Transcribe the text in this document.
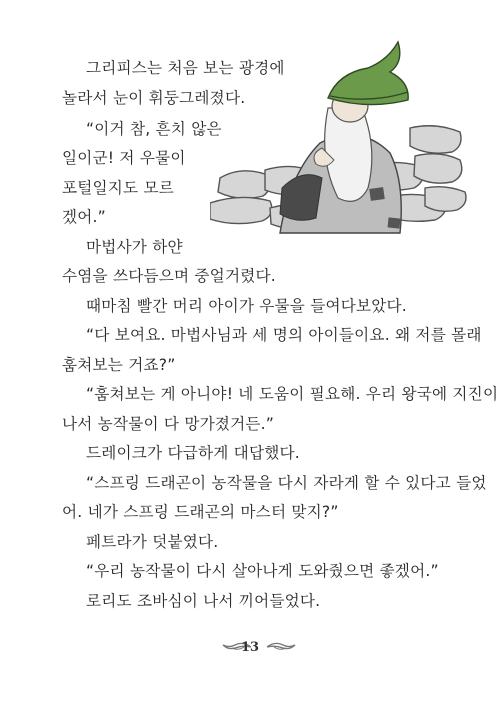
그리피스는 처음 보는 광경에
놀라서 눈이 휘둥그레졌다.
“이거 참, 흔치 않은
일이군! 저 우물이
포털일지도 모르
겠어.”
마법사가 하얀
수염을 쓰다듬으며 중얼거렸다.
때마침 빨간 머리 아이가 우물을 들여다보았다.
“다 보여요. 마법사님과 세 명의 아이들이요. 왜 저를 몰래
훔쳐보는 거죠?”
“훔쳐보는 게 아니야! 네 도움이 필요해. 우리 왕국에 지진이
나서 농작물이 다 망가졌거든.”
드레이크가 다급하게 대답했다.
“스프링 드래곤이 농작물을 다시 자라게 할 수 있다고 들었
어. 네가 스프링 드래곤의 마스터 맞지?”
페트라가 덧붙였다.
“우리 농작물이 다시 살아나게 도와줬으면 좋겠어.”
로리도 조바심이 나서 끼어들었다.
13
